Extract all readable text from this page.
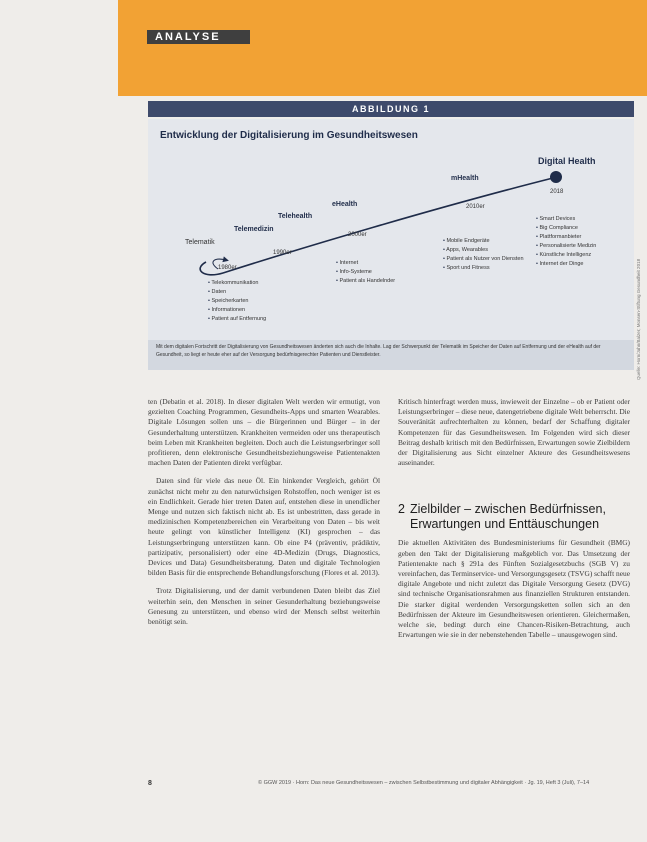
ANALYSE
ABBILDUNG 1
Entwicklung der Digitalisierung im Gesundheitswesen
Telematik
1980er
Telemedizin
1990er
Telehealth
eHealth
2000er
mHealth
2010er
Digital Health
2018
• Telekommunikation
• Daten
• Speicherkarten
• Informationen
• Patient auf Entfernung
• Internet
• Info-Systeme
• Patient als Handelnder
• Mobile Endgeräte
• Apps, Wearables
• Patient als Nutzer von Diensten
• Sport und Fitness
• Smart Devices
• Big Compliance
• Plattformanbieter
• Personalisierte Medizin
• Künstliche Intelligenz
• Internet der Dinge
Mit dem digitalen Fortschritt der Digitalisierung von Gesundheitswesen änderten sich auch die Inhalte. Lag der Schwerpunkt der Telematik im Speicher der Daten auf Entfernung und der eHealth auf der Gesundheit, so liegt er heute eher auf der Versorgung bedürfnisgerechter Patienten und Dienstleister.	Quelle: Horn/Jahn/Balzer; Monsen-Stiftung Gesundheit 2018

ten (Debatin et al. 2018). In dieser digitalen Welt werden wir ermutigt, von gezielten Coaching Programmen, Gesundheits-Apps und smarten Wearables. Digitale Lösungen sollen uns – die Bürgerinnen und Bürger – in der Gesunderhaltung unterstützen. Krankheiten vermeiden oder uns therapeutisch beim Leben mit Krankheiten begleiten. Doch auch die Leistungserbringer soll profitieren, denn elektronische Gesundheitsbeziehungsweise Patientenakten machen Daten der Patienten direkt verfügbar.

Daten sind für viele das neue Öl. Ein hinkender Vergleich, gehört Öl zunächst nicht mehr zu den naturwüchsigen Rohstoffen, noch weniger ist es ein Endlichkeit. Gerade hier treten Daten auf, entstehen diese in unendlicher Menge und nutzen sich faktisch nicht ab. Es ist unbestritten, dass gerade in medizinischen Kompetenzbereichen ein Verarbeitung von Daten – bis weit heute gelingt von künstlicher Intelligenz (KI) gesprochen – das Leistungserbringung unterstützen kann. Ob eine P4 (präventiv, prädiktiv, partizipativ, personalisiert) oder eine 4D-Medizin (Drugs, Diagnostics, Devices und Data) Gesundheitsberatung. Daten und digitale Technologien bilden Basis für die entsprechende Behandlungsforschung (Flores et al. 2013).

Trotz Digitalisierung, und der damit verbundenen Daten bleibt das Ziel weiterhin sein, den Menschen in seiner Gesunderhaltung beziehungsweise Genesung zu unterstützen, und ebenso wird der Mensch selbst weiterhin benötigt sein.

Kritisch hinterfragt werden muss, inwieweit der Einzelne – ob er Patient oder Leistungserbringer – diese neue, datengetriebene digitale Welt beherrscht. Die Souveränität aufrechterhalten zu können, bedarf der Schaffung digitaler Kompetenzen für das Gesundheitswesen. Im Folgenden wird sich dieser Beitrag deshalb kritisch mit den Bedürfnissen, Erwartungen sowie Zielbildern der Digitalisierung aus Sicht einzelner Akteure des Gesundheitswesens auseinander.

2 Zielbilder – zwischen Bedürfnissen, Erwartungen und Enttäuschungen

Die aktuellen Aktivitäten des Bundesministeriums für Gesundheit (BMG) geben den Takt der Digitalisierung maßgeblich vor. Das Umsetzung der Patientenakte nach § 291a des Fünften Sozialgesetzbuchs (SGB V) zu vereinfachen, das Terminservice- und Versorgungsgesetz (TSVG) schafft neue digitale Angebote und nicht zuletzt das Digitale Versorgung Gesetz (DVG) sind technische Organisationsrahmen aus finanziellen Strukturen entstanden. Die starker digital werdenden Versorgungsketten sollen sich an den Bedürfnissen der Akteure im Gesundheitswesen orientieren. Gleichermaßen, welche sie, bedingt durch eine Chancen-Risiken-Betrachtung, auch Erwartungen wie sie in der nebenstehenden Tabelle – unausgewogen sind.

8	© GGW 2019 · Horn: Das neue Gesundheitswesen – zwischen Selbstbestimmung und digitaler Abhängigkeit · Jg. 19, Heft 3 (Juli), 7–14
